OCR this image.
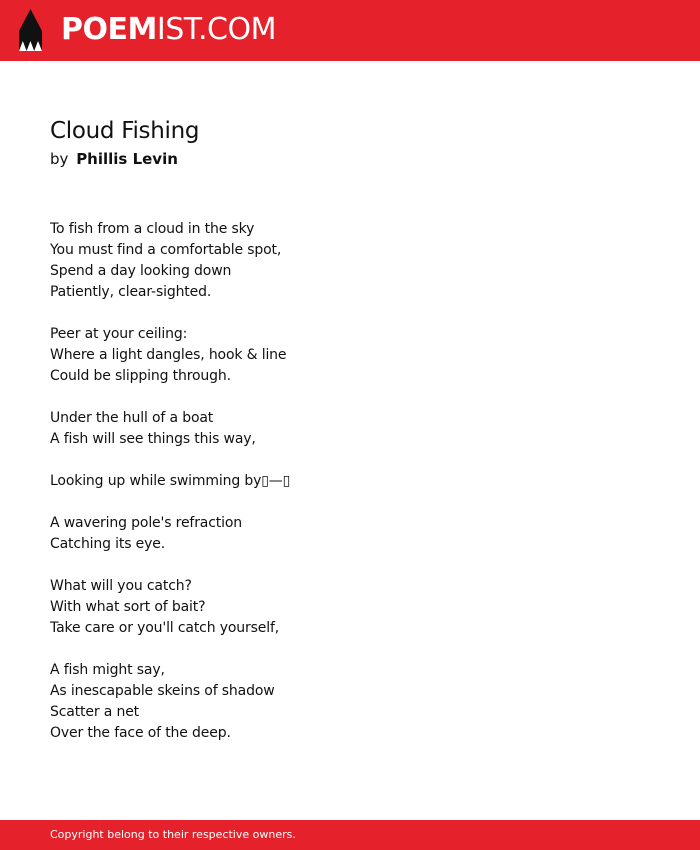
POEMIST.COM
Cloud Fishing
by Phillis Levin
To fish from a cloud in the sky
You must find a comfortable spot,
Spend a day looking down
Patiently, clear-sighted.
Peer at your ceiling:
Where a light dangles, hook & line
Could be slipping through.
Under the hull of a boat
A fish will see things this way,
Looking up while swimming by▯—▯
A wavering pole's refraction
Catching its eye.
What will you catch?
With what sort of bait?
Take care or you'll catch yourself,
A fish might say,
As inescapable skeins of shadow
Scatter a net
Over the face of the deep.
Copyright belong to their respective owners.
